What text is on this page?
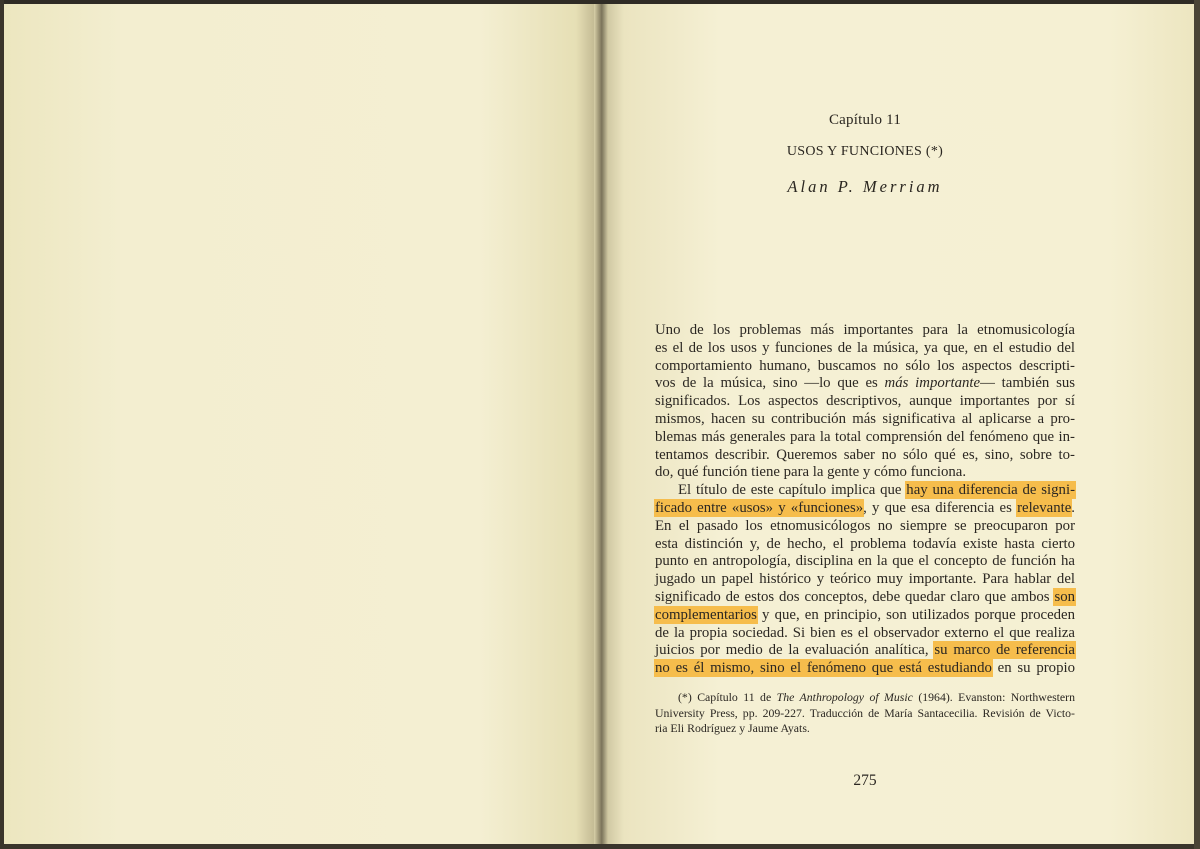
Capítulo 11
USOS Y FUNCIONES (*)
Alan P. Merriam
Uno de los problemas más importantes para la etnomusicología
es el de los usos y funciones de la música, ya que, en el estudio del
comportamiento humano, buscamos no sólo los aspectos descripti-
vos de la música, sino —lo que es más importante— también sus
significados. Los aspectos descriptivos, aunque importantes por sí
mismos, hacen su contribución más significativa al aplicarse a pro-
blemas más generales para la total comprensión del fenómeno que in-
tentamos describir. Queremos saber no sólo qué es, sino, sobre to-
do, qué función tiene para la gente y cómo funciona.
El título de este capítulo implica que hay una diferencia de signi-
ficado entre «usos» y «funciones», y que esa diferencia es relevante.
En el pasado los etnomusicólogos no siempre se preocuparon por
esta distinción y, de hecho, el problema todavía existe hasta cierto
punto en antropología, disciplina en la que el concepto de función ha
jugado un papel histórico y teórico muy importante. Para hablar del
significado de estos dos conceptos, debe quedar claro que ambos son
complementarios y que, en principio, son utilizados porque proceden
de la propia sociedad. Si bien es el observador externo el que realiza
juicios por medio de la evaluación analítica, su marco de referencia
no es él mismo, sino el fenómeno que está estudiando en su propio
(*) Capítulo 11 de The Anthropology of Music (1964). Evanston: Northwestern
University Press, pp. 209-227. Traducción de María Santacecilia. Revisión de Victo-
ria Eli Rodríguez y Jaume Ayats.
275
